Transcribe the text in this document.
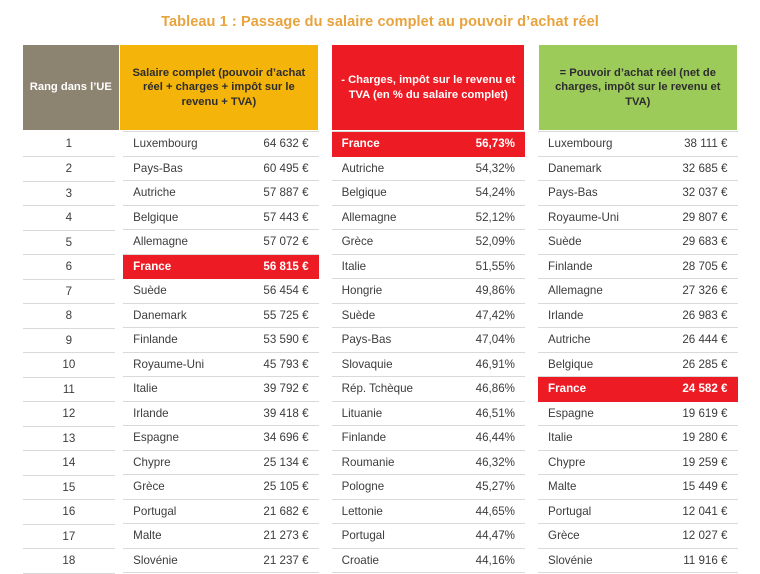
Tableau 1 : Passage du salaire complet au pouvoir d’achat réel
Rang dans l’UE	Salaire complet (pouvoir d’achat réel + charges + impôt sur le revenu + TVA)		- Charges, impôt sur le revenu et TVA (en % du salaire complet)		= Pouvoir d’achat réel (net de charges, impôt sur le revenu et TVA)
1	Luxembourg 64 632 €		France 56,73%		Luxembourg 38 111 €

2	Pays-Bas 60 495 €		Autriche 54,32%		Danemark 32 685 €

3	Autriche 57 887 €		Belgique 54,24%		Pays-Bas 32 037 €

4	Belgique 57 443 €		Allemagne 52,12%		Royaume-Uni 29 807 €

5	Allemagne 57 072 €		Grèce 52,09%		Suède 29 683 €

6	France 56 815 €		Italie 51,55%		Finlande 28 705 €

7	Suède 56 454 €		Hongrie 49,86%		Allemagne 27 326 €

8	Danemark 55 725 €		Suède 47,42%		Irlande 26 983 €

9	Finlande 53 590 €		Pays-Bas 47,04%		Autriche 26 444 €

10	Royaume-Uni 45 793 €		Slovaquie 46,91%		Belgique 26 285 €

11	Italie 39 792 €		Rép. Tchèque 46,86%		France 24 582 €

12	Irlande 39 418 €		Lituanie 46,51%		Espagne 19 619 €

13	Espagne 34 696 €		Finlande 46,44%		Italie 19 280 €

14	Chypre 25 134 €		Roumanie 46,32%		Chypre 19 259 €

15	Grèce 25 105 €		Pologne 45,27%		Malte 15 449 €

16	Portugal 21 682 €		Lettonie 44,65%		Portugal 12 041 €

17	Malte 21 273 €		Portugal 44,47%		Grèce 12 027 €

18	Slovénie 21 237 €		Croatie 44,16%		Slovénie 11 916 €
